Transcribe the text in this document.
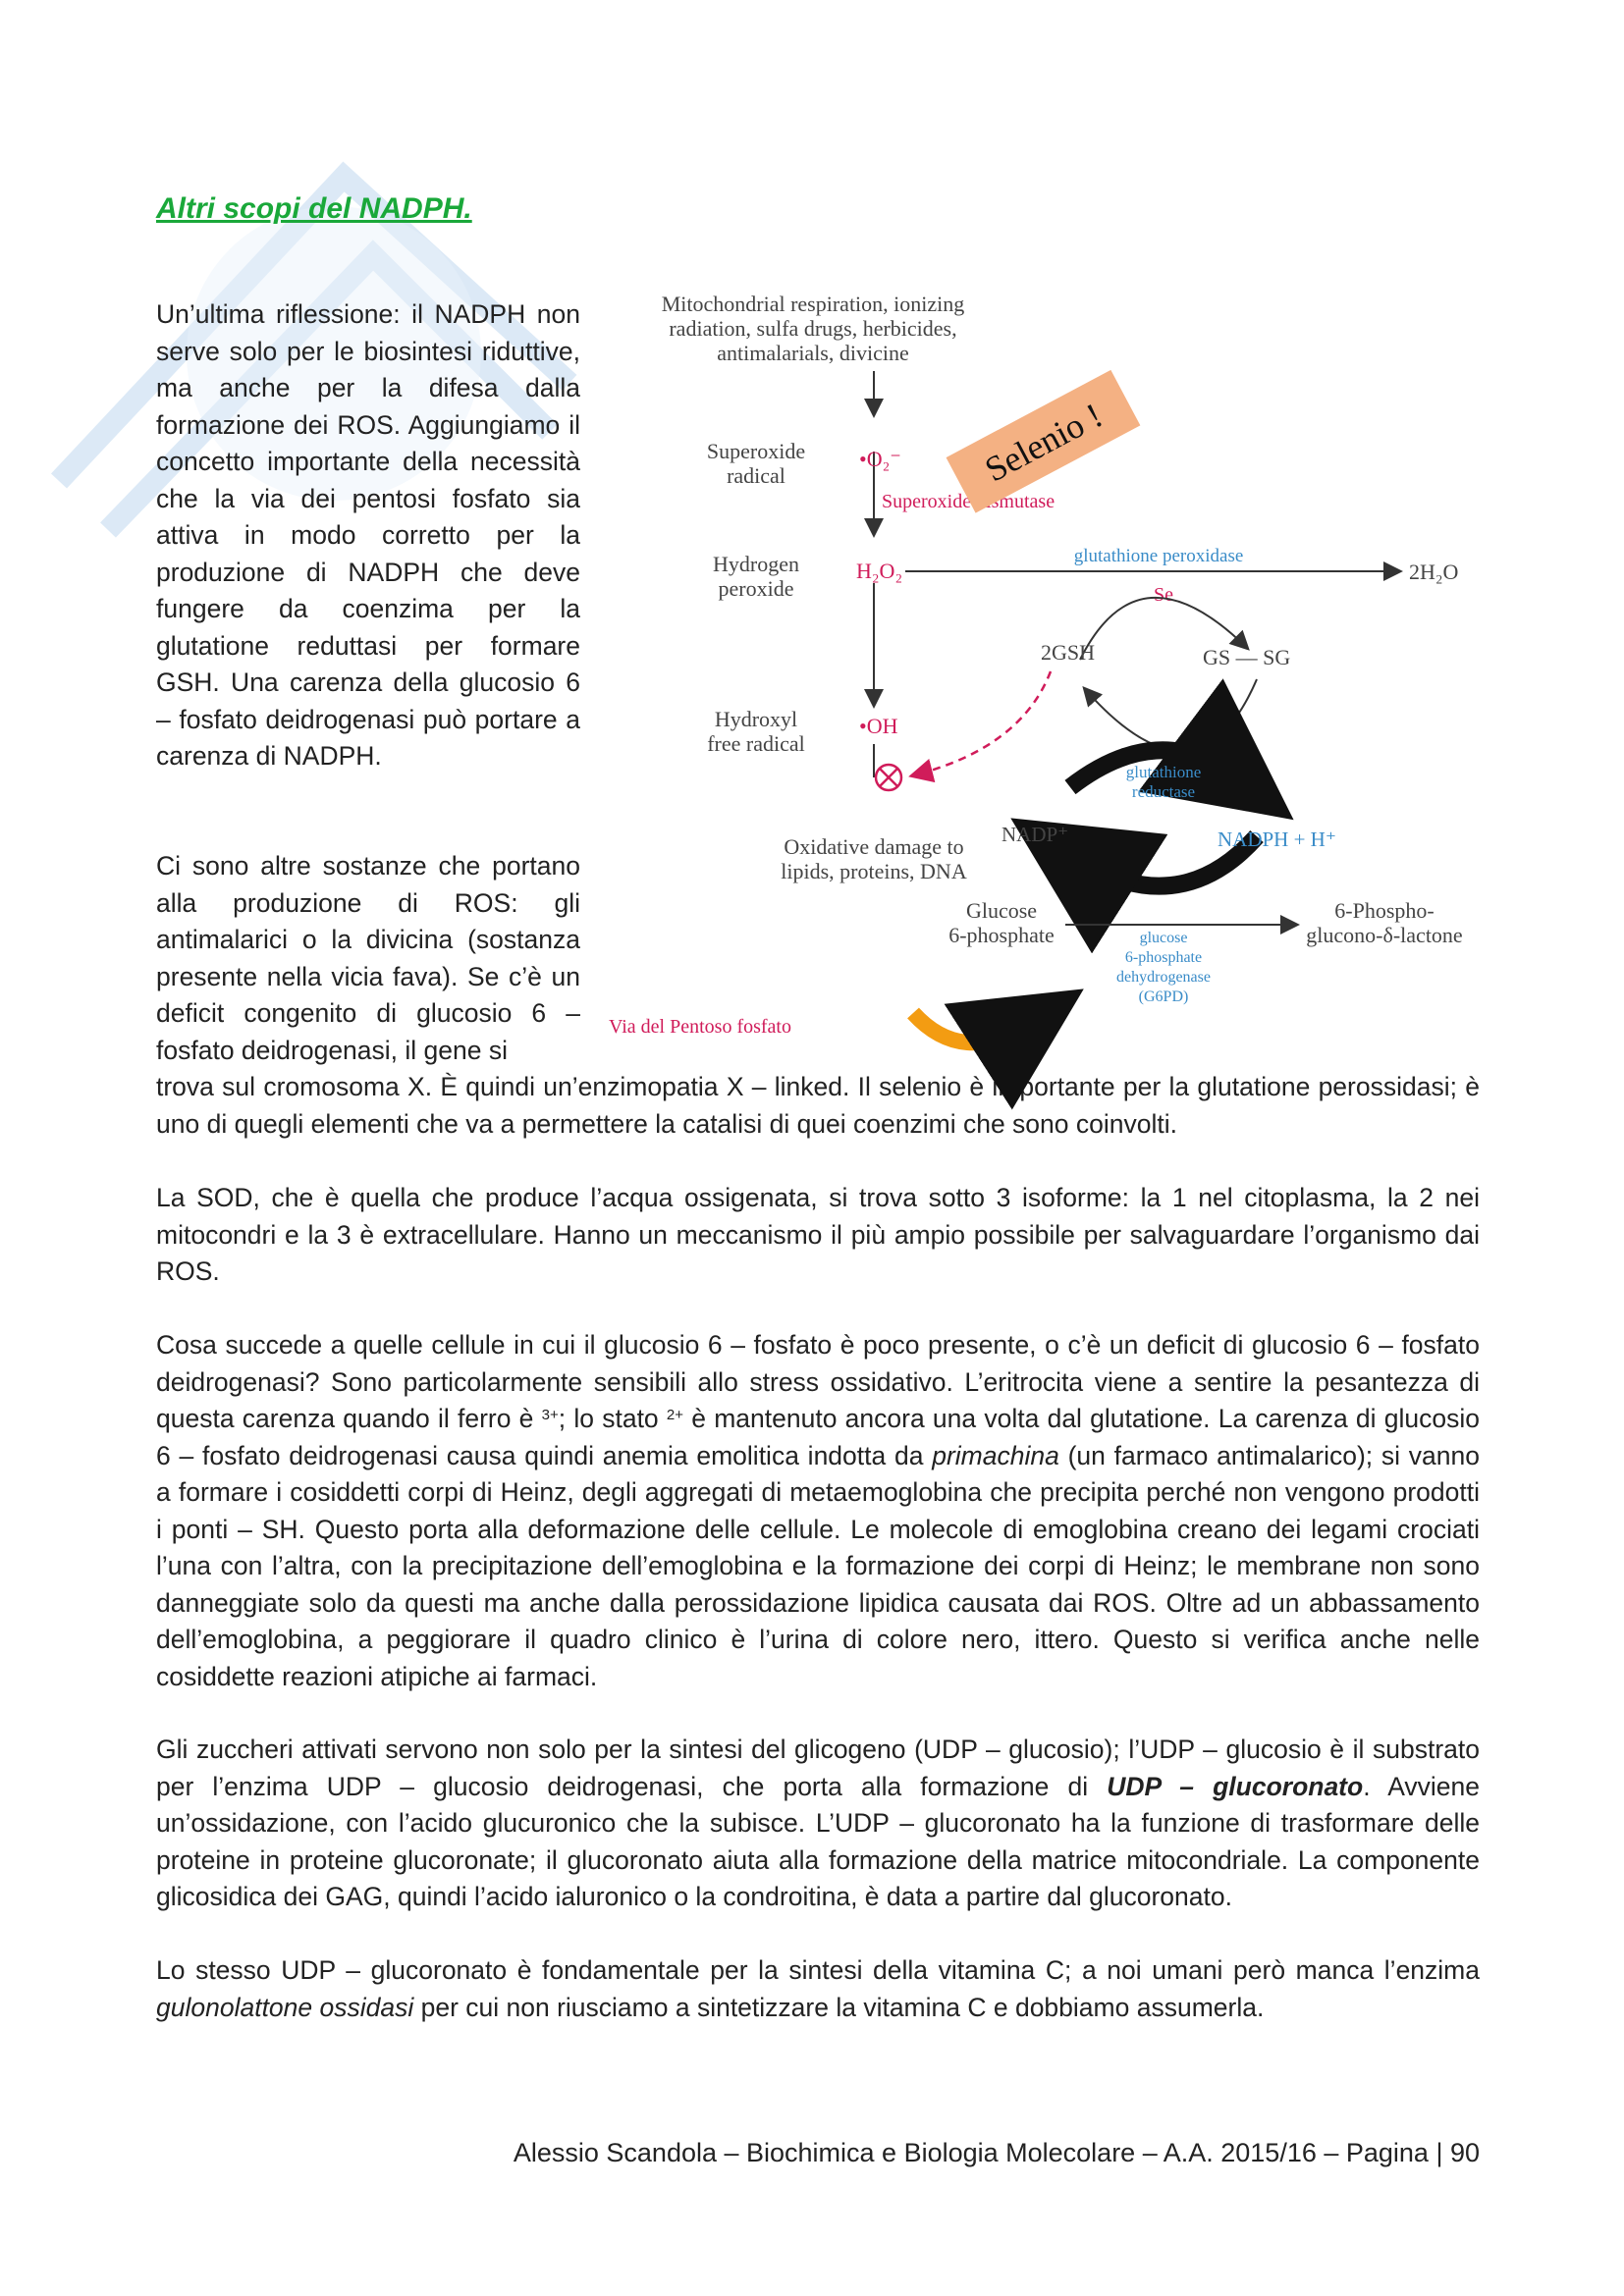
Altri scopi del NADPH.

Un’ultima riflessione: il NADPH non serve solo per le biosintesi riduttive, ma anche per la difesa dalla formazione dei ROS. Aggiungiamo il concetto importante della necessità che la via dei pentosi fosfato sia attiva in modo corretto per la produzione di NADPH che deve fungere da coenzima per la glutatione reduttasi per formare GSH. Una carenza della glucosio 6 – fosfato deidrogenasi può portare a carenza di NADPH.

Ci sono altre sostanze che portano alla produzione di ROS: gli antimalarici o la divicina (sostanza presente nella vicia fava). Se c’è un deficit congenito di glucosio 6 – fosfato deidrogenasi, il gene si

trova sul cromosoma X. È quindi un’enzimopatia X – linked. Il selenio è importante per la glutatione perossidasi; è uno di quegli elementi che va a permettere la catalisi di quei coenzimi che sono coinvolti.

La SOD, che è quella che produce l’acqua ossigenata, si trova sotto 3 isoforme: la 1 nel citoplasma, la 2 nei mitocondri e la 3 è extracellulare. Hanno un meccanismo il più ampio possibile per salvaguardare l’organismo dai ROS.

Cosa succede a quelle cellule in cui il glucosio 6 – fosfato è poco presente, o c’è un deficit di glucosio 6 – fosfato deidrogenasi? Sono particolarmente sensibili allo stress ossidativo. L’eritrocita viene a sentire la pesantezza di questa carenza quando il ferro è $^{3+}$; lo stato $^{2+}$ è mantenuto ancora una volta dal glutatione. La carenza di glucosio 6 – fosfato deidrogenasi causa quindi anemia emolitica indotta da primachina (un farmaco antimalarico); si vanno a formare i cosiddetti corpi di Heinz, degli aggregati di metaemoglobina che precipita perché non vengono prodotti i ponti – SH. Questo porta alla deformazione delle cellule. Le molecole di emoglobina creano dei legami crociati l’una con l’altra, con la precipitazione dell’emoglobina e la formazione dei corpi di Heinz; le membrane non sono danneggiate solo da questi ma anche dalla perossidazione lipidica causata dai ROS. Oltre ad un abbassamento dell’emoglobina, a peggiorare il quadro clinico è l’urina di colore nero, ittero. Questo si verifica anche nelle cosiddette reazioni atipiche ai farmaci.

Gli zuccheri attivati servono non solo per la sintesi del glicogeno (UDP – glucosio); l’UDP – glucosio è il substrato per l’enzima UDP – glucosio deidrogenasi, che porta alla formazione di UDP – glucoronato. Avviene un’ossidazione, con l’acido glucuronico che la subisce. L’UDP – glucoronato ha la funzione di trasformare delle proteine in proteine glucoronate; il glucoronato aiuta alla formazione della matrice mitocondriale. La componente glicosidica dei GAG, quindi l’acido ialuronico o la condroitina, è data a partire dal glucoronato.

Lo stesso UDP – glucoronato è fondamentale per la sintesi della vitamina C; a noi umani però manca l’enzima gulonolattone ossidasi per cui non riusciamo a sintetizzare la vitamina C e dobbiamo assumerla.

Mitochondrial respiration, ionizing
radiation, sulfa drugs, herbicides,
antimalarials, divicine
Superoxide
radical
•O₂⁻
Superoxide dismutase
Selenio !
Hydrogen
peroxide
H₂O₂
glutathione peroxidase
Se
2H₂O
2GSH	GS — SG
Hydroxyl
free radical
•OH
glutathione
reductase
NADP⁺	NADPH + H⁺
Oxidative damage to
lipids, proteins, DNA
Glucose
6-phosphate	glucose
6-phosphate
dehydrogenase
(G6PD)
6-Phospho-
glucono-δ-lactone
Via del Pentoso fosfato

Alessio Scandola – Biochimica e Biologia Molecolare – A.A. 2015/16 – Pagina | 90
